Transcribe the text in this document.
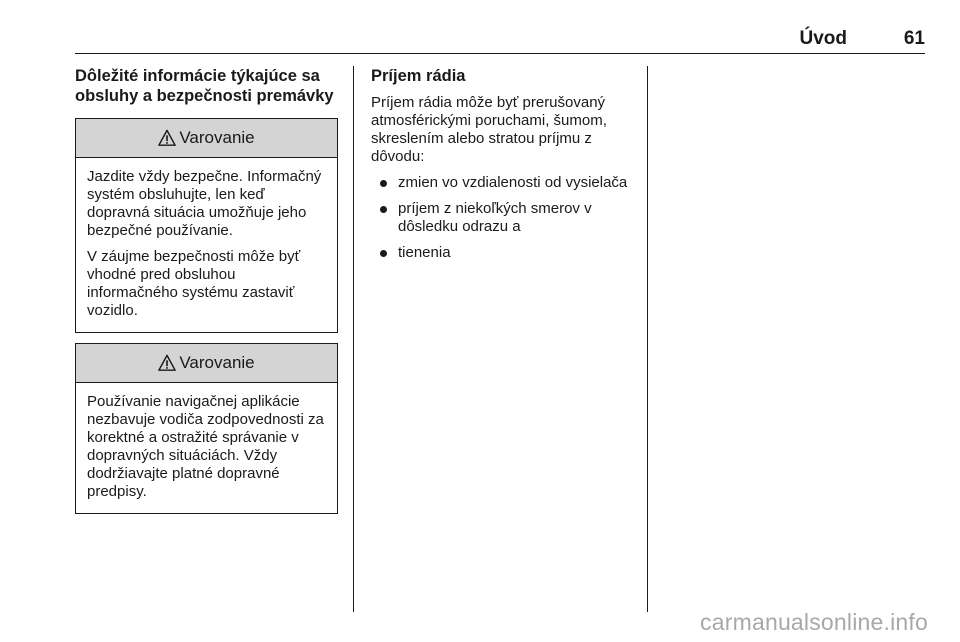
Úvod	61
Dôležité informácie týkajúce sa obsluhy a bezpečnosti premávky
Varovanie

Jazdite vždy bezpečne. Informačný systém obsluhujte, len keď dopravná situácia umožňuje jeho bezpečné používanie.

V záujme bezpečnosti môže byť vhodné pred obsluhou informačného systému zastaviť vozidlo.

Varovanie

Používanie navigačnej aplikácie nezbavuje vodiča zodpovednosti za korektné a ostražité správanie v dopravných situáciách. Vždy dodržiavajte platné dopravné predpisy.

Príjem rádia

Príjem rádia môže byť prerušovaný atmosférickými poruchami, šumom, skreslením alebo stratou príjmu z dôvodu:

zmien vo vzdialenosti od vysielača
príjem z niekoľkých smerov v dôsledku odrazu a
tienenia
carmanualsonline.info
